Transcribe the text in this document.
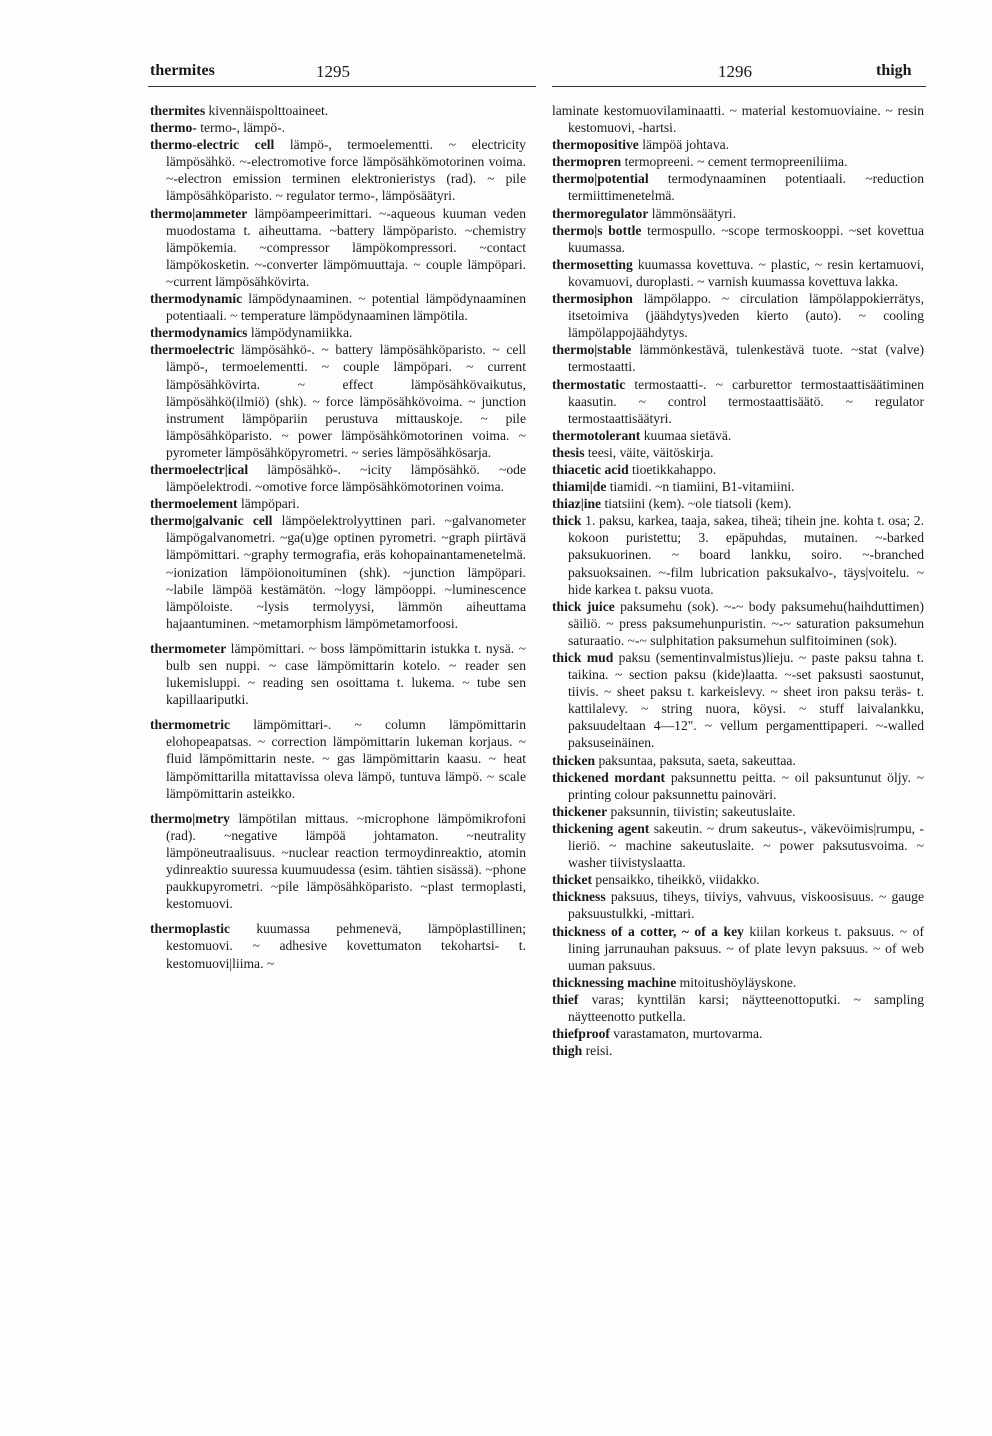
thermites	1295	1296	thigh

thermites kivennäispolttoaineet.

thermo- termo-, lämpö-.

thermo-electric cell lämpö-, termoelementti. ~ electricity lämpösähkö. ~-electromotive force lämpösähkömotorinen voima. ~-electron emission terminen elektronieristys (rad). ~ pile lämpösähköparisto. ~ regulator termo-, lämpösäätyri.

thermo|ammeter lämpöampeerimittari. ~-aqueous kuuman veden muodostama t. aiheuttama. ~battery lämpöparisto. ~chemistry lämpökemia. ~compressor lämpökompressori. ~contact lämpökosketin. ~-converter lämpömuuttaja. ~ couple lämpöpari. ~current lämpösähkövirta.

thermodynamic lämpödynaaminen. ~ potential lämpödynaaminen potentiaali. ~ temperature lämpödynaaminen lämpötila.

thermodynamics lämpödynamiikka.

thermoelectric lämpösähkö-. ~ battery lämpösähköparisto. ~ cell lämpö-, termoelementti. ~ couple lämpöpari. ~ current lämpösähkövirta. ~ effect lämpösähkövaikutus, lämpösähkö(ilmiö) (shk). ~ force lämpösähkövoima. ~ junction instrument lämpöpariin perustuva mittauskoje. ~ pile lämpösähköparisto. ~ power lämpösähkömotorinen voima. ~ pyrometer lämpösähköpyrometri. ~ series lämpösähkösarja.

thermoelectr|ical lämpösähkö-. ~icity lämpösähkö. ~ode lämpöelektrodi. ~omotive force lämpösähkömotorinen voima.

thermoelement lämpöpari.

thermo|galvanic cell lämpöelektrolyyttinen pari. ~galvanometer lämpögalvanometri. ~ga(u)ge optinen pyrometri. ~graph piirtävä lämpömittari. ~graphy termografia, eräs kohopainantamenetelmä. ~ionization lämpöionoituminen (shk). ~junction lämpöpari. ~labile lämpöä kestämätön. ~logy lämpöoppi. ~luminescence lämpöloiste. ~lysis termolyysi, lämmön aiheuttama hajaantuminen. ~metamorphism lämpömetamorfoosi.

thermometer lämpömittari. ~ boss lämpömittarin istukka t. nysä. ~ bulb sen nuppi. ~ case lämpömittarin kotelo. ~ reader sen lukemisluppi. ~ reading sen osoittama t. lukema. ~ tube sen kapillaariputki.

thermometric lämpömittari-. ~ column lämpömittarin elohopeapatsas. ~ correction lämpömittarin lukeman korjaus. ~ fluid lämpömittarin neste. ~ gas lämpömittarin kaasu. ~ heat lämpömittarilla mitattavissa oleva lämpö, tuntuva lämpö. ~ scale lämpömittarin asteikko.

thermo|metry lämpötilan mittaus. ~microphone lämpömikrofoni (rad). ~negative lämpöä johtamaton. ~neutrality lämpöneutraalisuus. ~nuclear reaction termoydinreaktio, atomin ydinreaktio suuressa kuumuudessa (esim. tähtien sisässä). ~phone paukkupyrometri. ~pile lämpösähköparisto. ~plast termoplasti, kestomuovi.

thermoplastic kuumassa pehmenevä, lämpöplastillinen; kestomuovi. ~ adhesive kovettumaton tekohartsi- t. kestomuovi|liima. ~

laminate kestomuovilaminaatti. ~ material kestomuoviaine. ~ resin kestomuovi, -hartsi.

thermopositive lämpöä johtava.

thermopren termopreeni. ~ cement termopreeniliima.

thermo|potential termodynaaminen potentiaali. ~reduction termiittimenetelmä.

thermoregulator lämmönsäätyri.

thermo|s bottle termospullo. ~scope termoskooppi. ~set kovettua kuumassa.

thermosetting kuumassa kovettuva. ~ plastic, ~ resin kertamuovi, kovamuovi, duroplasti. ~ varnish kuumassa kovettuva lakka.

thermosiphon lämpölappo. ~ circulation lämpölappokierrätys, itsetoimiva (jäähdytys)veden kierto (auto). ~ cooling lämpölappojäähdytys.

thermo|stable lämmönkestävä, tulenkestävä tuote. ~stat (valve) termostaatti.

thermostatic termostaatti-. ~ carburettor termostaattisäätiminen kaasutin. ~ control termostaattisäätö. ~ regulator termostaattisäätyri.

thermotolerant kuumaa sietävä.

thesis teesi, väite, väitöskirja.

thiacetic acid tioetikkahappo.

thiami|de tiamidi. ~n tiamiini, B1-vitamiini.

thiaz|ine tiatsiini (kem). ~ole tiatsoli (kem).

thick 1. paksu, karkea, taaja, sakea, tiheä; tihein jne. kohta t. osa; 2. kokoon puristettu; 3. epäpuhdas, mutainen. ~-barked paksukuorinen. ~ board lankku, soiro. ~-branched paksuoksainen. ~-film lubrication paksukalvo-, täys|voitelu. ~ hide karkea t. paksu vuota.

thick juice paksumehu (sok). ~-~ body paksumehu(haihduttimen) säiliö. ~ press paksumehunpuristin. ~-~ saturation paksumehun saturaatio. ~-~ sulphitation paksumehun sulfitoiminen (sok).

thick mud paksu (sementinvalmistus)lieju. ~ paste paksu tahna t. taikina. ~ section paksu (kide)laatta. ~-set paksusti saostunut, tiivis. ~ sheet paksu t. karkeislevy. ~ sheet iron paksu teräs- t. kattilalevy. ~ string nuora, köysi. ~ stuff laivalankku, paksuudeltaan 4—12". ~ vellum pergamenttipaperi. ~-walled paksuseinäinen.

thicken paksuntaa, paksuta, saeta, sakeuttaa.

thickened mordant paksunnettu peitta. ~ oil paksuntunut öljy. ~ printing colour paksunnettu painoväri.

thickener paksunnin, tiivistin; sakeutuslaite.

thickening agent sakeutin. ~ drum sakeutus-, väkevöimis|rumpu, -lieriö. ~ machine sakeutuslaite. ~ power paksutusvoima. ~ washer tiivistyslaatta.

thicket pensaikko, tiheikkö, viidakko.

thickness paksuus, tiheys, tiiviys, vahvuus, viskoosisuus. ~ gauge paksuustulkki, -mittari.

thickness of a cotter, ~ of a key kiilan korkeus t. paksuus. ~ of lining jarrunauhan paksuus. ~ of plate levyn paksuus. ~ of web uuman paksuus.

thicknessing machine mitoitushöyläyskone.

thief varas; kynttilän karsi; näytteenottoputki. ~ sampling näytteenotto putkella.

thiefproof varastamaton, murtovarma.

thigh reisi.
